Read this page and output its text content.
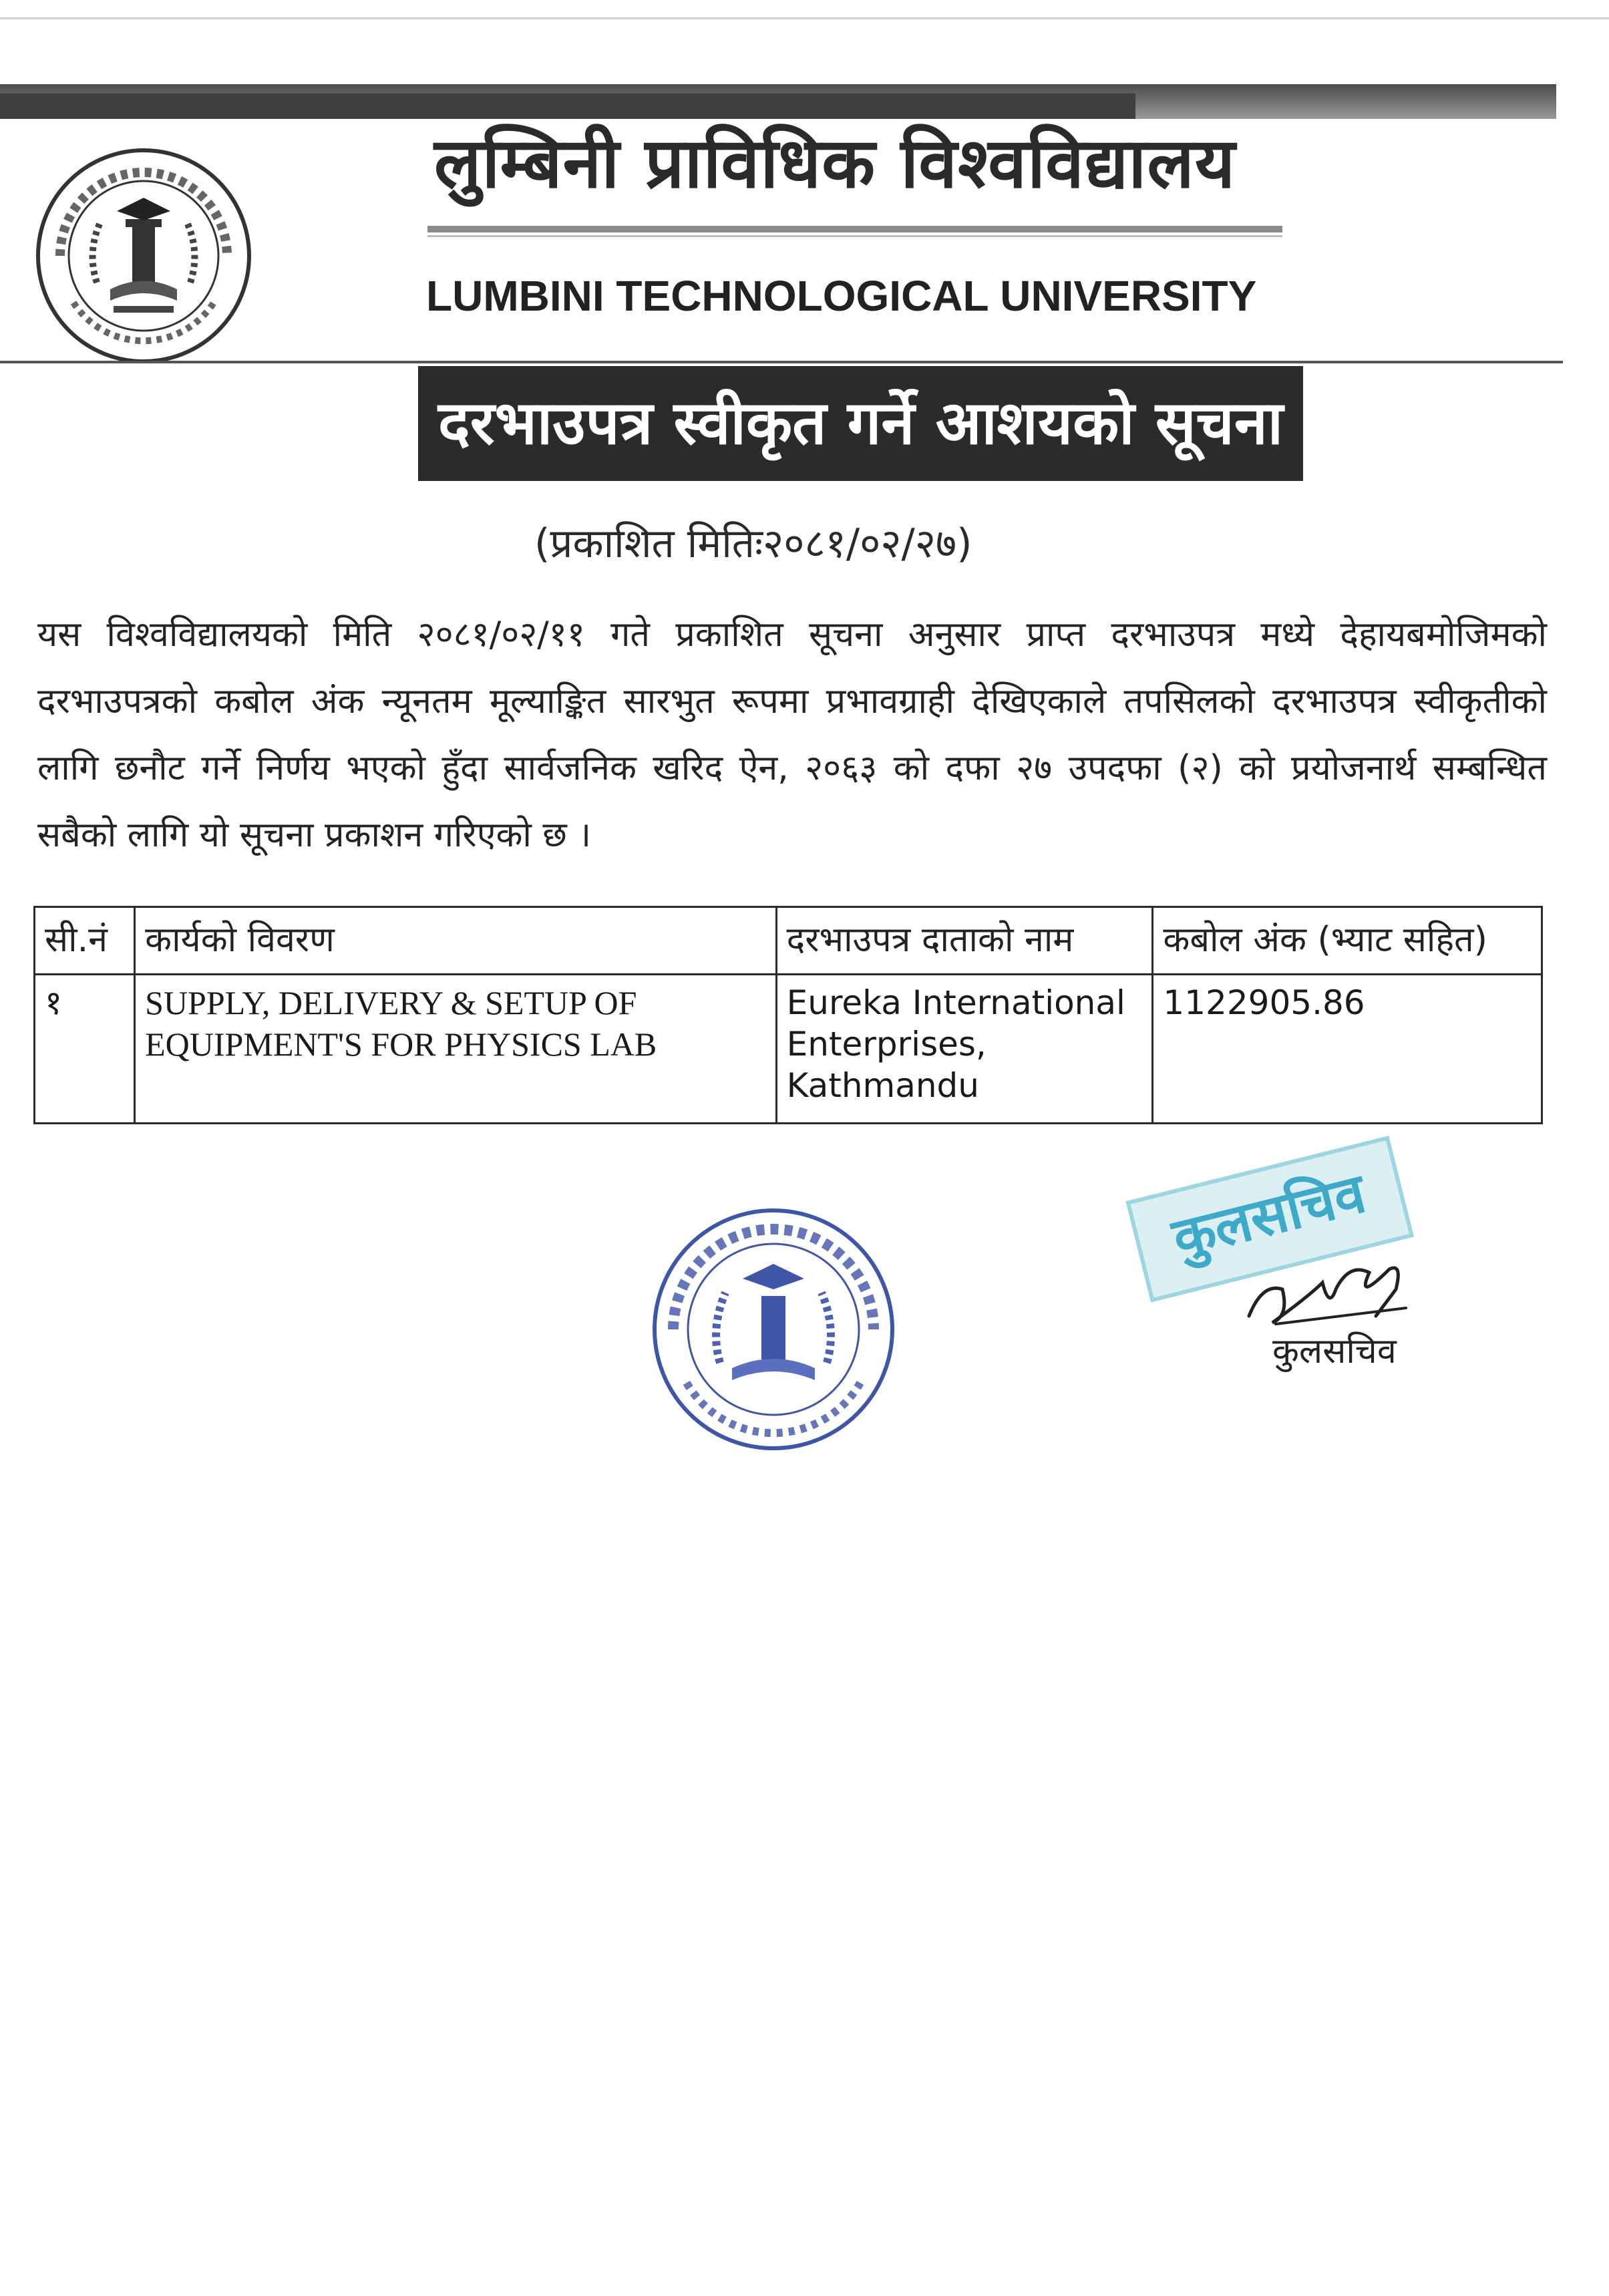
लुम्बिनी प्राविधिक विश्वविद्यालय
LUMBINI TECHNOLOGICAL UNIVERSITY
दरभाउपत्र स्वीकृत गर्ने आशयको सूचना
(प्रकाशित मितिः२०८१/०२/२७)
यस विश्वविद्यालयको मिति २०८१/०२/११ गते प्रकाशित सूचना अनुसार प्राप्त दरभाउपत्र मध्ये देहायबमोजिमको दरभाउपत्रको कबोल अंक न्यूनतम मूल्याङ्कित सारभुत रूपमा प्रभावग्राही देखिएकाले तपसिलको दरभाउपत्र स्वीकृतीको लागि छनौट गर्ने निर्णय भएको हुँदा सार्वजनिक खरिद ऐन, २०६३ को दफा २७ उपदफा (२) को प्रयोजनार्थ सम्बन्धित सबैको लागि यो सूचना प्रकाशन गरिएको छ ।
सी.नं	कार्यको विवरण	दरभाउपत्र दाताको नाम	कबोल अंक (भ्याट सहित)
१	SUPPLY, DELIVERY & SETUP OF EQUIPMENT'S FOR PHYSICS LAB	Eureka International Enterprises, Kathmandu	1122905.86
कुलसचिव
कुलसचिव
